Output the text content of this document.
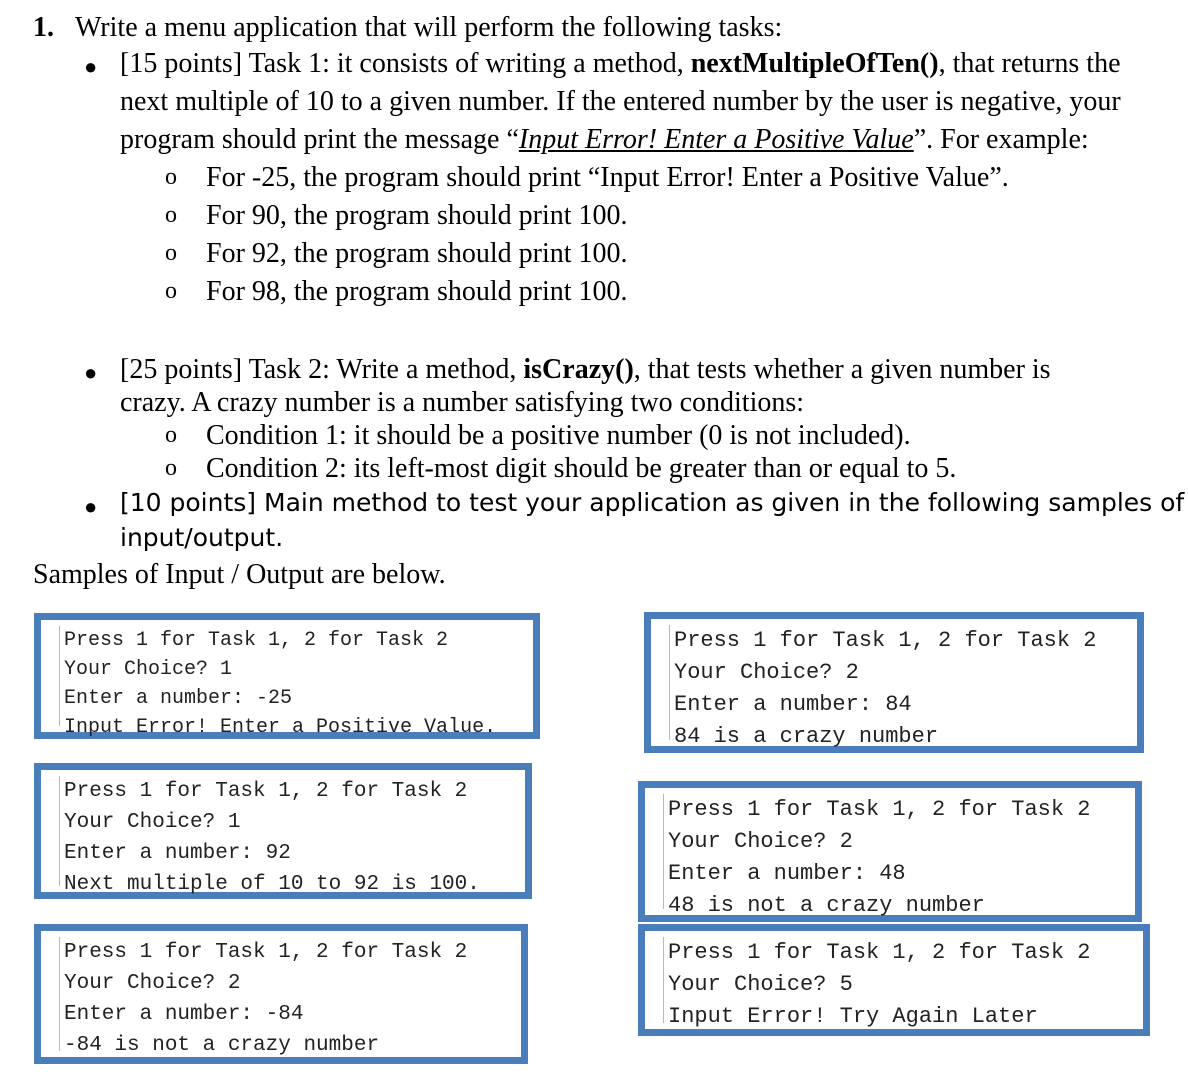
1. Write a menu application that will perform the following tasks:
● [15 points] Task 1: it consists of writing a method, nextMultipleOfTen(), that returns the
next multiple of 10 to a given number. If the entered number by the user is negative, your
program should print the message “Input Error! Enter a Positive Value”. For example:
o For -25, the program should print “Input Error! Enter a Positive Value”.
o For 90, the program should print 100.
o For 92, the program should print 100.
o For 98, the program should print 100.
● [25 points] Task 2: Write a method, isCrazy(), that tests whether a given number is
crazy. A crazy number is a number satisfying two conditions:
o Condition 1: it should be a positive number (0 is not included).
o Condition 2: its left-most digit should be greater than or equal to 5.
● [10 points] Main method to test your application as given in the following samples of
input/output.
Samples of Input / Output are below.
Press 1 for Task 1, 2 for Task 2
Your Choice? 1
Enter a number: -25
Input Error! Enter a Positive Value.
Press 1 for Task 1, 2 for Task 2
Your Choice? 2
Enter a number: 84
84 is a crazy number
Press 1 for Task 1, 2 for Task 2
Your Choice? 1
Enter a number: 92
Next multiple of 10 to 92 is 100.
Press 1 for Task 1, 2 for Task 2
Your Choice? 2
Enter a number: 48
48 is not a crazy number
Press 1 for Task 1, 2 for Task 2
Your Choice? 2
Enter a number: -84
-84 is not a crazy number
Press 1 for Task 1, 2 for Task 2
Your Choice? 5
Input Error! Try Again Later
